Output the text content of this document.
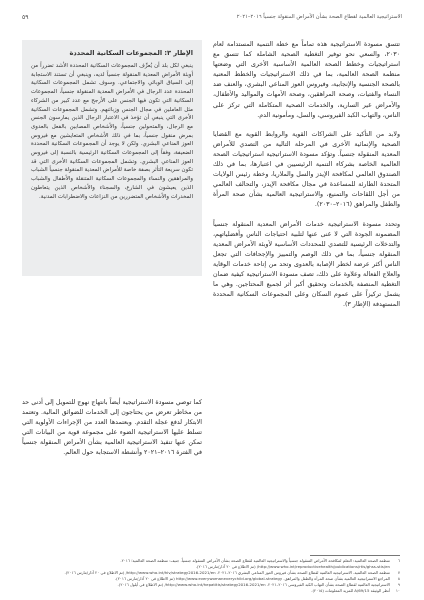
الاستراتيجية العالمية لقطاع الصحة بشأن الأمراض المنقولة جنسياً ٢٠١٦–٢٠٢١
٥٩

تتسق مسودة الاستراتيجية هذه تماماً مع خطة التنمية المستدامة لعام ٢٠٣٠، والسعي نحو توفير التغطية الصحية الشاملة كما تتسق مع استراتيجيات وخطط الصحة العالمية الأساسية الأخرى التي وضعتها منظمة الصحة العالمية، بما في ذلك الاستراتيجيات والخطط المعنية بالصحة الجنسية والإنجابية، وفيروس العوز المناعي البشري، والعنف ضد النساء والفتيات، وصحة المراهقين، وصحة الأمهات والمواليد والأطفال، والأمراض غير السارية، والخدمات الصحية المتكاملة التي تركز على الناس، والتهاب الكبد الفيروسي، والسل، ومأمونية الدم.

ولابد من التأكيد على الشراكات القوية والروابط القوية مع القضايا الصحية والإنمائية الأخرى في المرحلة التالية من التصدي للأمراض المعدية المنقولة جنسياً. وتؤكد مسودة الاستراتيجية استراتيجيات الصحة العالمية الخاصة بشركاء التنمية الرئيسيين في اعتبارها، بما في ذلك الصندوق العالمي لمكافحة الإيدز والسل والملاريا، وخطة رئيس الولايات المتحدة الطارئة للمساعدة في مجال مكافحة الإيدز، والتحالف العالمي من أجل اللقاحات والتمنيع، والاستراتيجية العالمية بشأن صحة المرأة والطفل والمراهق (٢٠١٦–٢٠٣٠).

وتحدد مسودة الاستراتيجية خدمات الأمراض المعدية المنقولة جنسياً المضمونة الجودة التي لا غنى عنها لتلبية احتياجات الناس وأفضلياتهم، والتدخلات الرئيسية للتصدي للمحددات الأساسية لأوبئة الأمراض المعدية المنقولة جنسياً، بما في ذلك الوصم والتمييز والإجحافات التي تجعل الناس أكثر عرضة لخطر الإصابة بالعدوى وتحد من إتاحة خدمات الوقاية والعلاج الفعالة وعلاوة على ذلك، تصف مسودة الاستراتيجية كيفية ضمان التغطية المنصفة بالخدمات وتحقيق أكبر أثر لجميع المحتاجين. وهي ما يشمل تركيزاً على عموم السكان وعلى المجموعات السكانية المحددة المستهدفة (الإطار ٣).

الإطار ٣: المجموعات السكانية المحددة
ينبغي لكل بلد أن يُعرِّف المجموعات السكانية المحددة الأشد تضرراً من أوبئة الأمراض المعدية المنقولة جنسياً لديه، وينبغي أن تستند الاستجابة إلى السياق الوبائي والاجتماعي. وسوف تشمل المجموعات السكانية المحددة عدد الرجال في الأمراض المعدية المنقولة جنسياً، المجموعات السكانية التي تكون فيها الجنس على الأرجح مع عدد كبير من الشركاء مثل العاملين في مجال الجنس وزبائنهم. وتشمل المجموعات السكانية الأخرى التي ينبغي أن تؤخذ في الاعتبار الرجال الذين يمارسون الجنس مع الرجال، والمتحولين جنسياً، والأشخاص المصابين بالفعل بالعدوى بمرض منقول جنسياً، بما في ذلك الأشخاص المتعايشين مع فيروس العوز المناعي البشري. ولكن لا يوجد أن المجموعات السكانية المحددة الضعيفة، وفقاً إلى المجموعات السكانية الرئيسية بالنسبة إلى فيروس العوز المناعي البشري. وتشمل المجموعات السكانية الأخرى التي قد تكون سريعة التأثر بصفة خاصة للأمراض المعدية المنقولة جنسياً الشباب والمراهقين والنساء والمجموعات السكانية المتنقلة والأطفال والشباب الذين يعيشون في الشارع، والسجناء والأشخاص الذين يتعاطون المخدرات والأشخاص المتضررين من النزاعات والاضطرابات المدنية.
كما توصي مسودة الاستراتيجية أيضاً بانتهاج نهوج للتمويل إلى أدنى حد من مخاطر تعرض من يحتاجون إلى الخدمات للضوائق المالية. وتعتمد الابتكار لدفع عجلة التقدم. وبعتمدها العدد من الإجراءات الأولوية التي تسلط عليها الاستراتيجية الضوء على مجموعة قوية من البيانات التي تمكن عنها تنفيذ الاستراتيجية العالمية بشأن الأمراض المنقولة جنسياً في الفترة ٢٠١٦–٢٠٢١ وأنشطة الاستجابة حول العالم.
٦
منظمة الصحة العالمية: التعلم لمكافحة الأمراض المنقولة جنسياً والاستراتيجية العالمية لقطاع الصحة بشأن الأمراض المنقولة جنسياً. جنيف: منظمة الصحة العالمية؛ ٢٠١٦. http://www.who.int/reproductivehealth/publications/rtis/ghss-stis/en/ (تم الاطلاع في ٢٠ آذار/مارس ٢٠١٦).
٧
منظمة الصحة العالمية، الاستراتيجية العالمية لقطاع الصحة بشأن فيروس العوز المناعي البشري ٢٠١٦–٢٠٢١. http://www.who.int/hiv/strategy2016-2021/en/ (تم الاطلاع في ٢٠ آذار/مارس ٢٠١٦).
٨
المراجع الاستراتيجية العالمية بشأن صحة المرأة والطفل والمراهق. http://www.everywomaneverychild.org/global-strategy (تم الاطلاع في ٢٠ آذار/مارس ٢٠١٦).
٩
الاستراتيجية العالمية لقطاع الصحة بشأن التهاب الكبد الفيروسي ٢٠١٦–٢٠٢١. http://www.who.int/hepatitis/strategy2016-2021/en/ (تم الاطلاع في أيلول ٢٠١٦).
١٠
أنظر الوثيقة A/69/15 للمزيد المعلومات (٢٠١٥).
